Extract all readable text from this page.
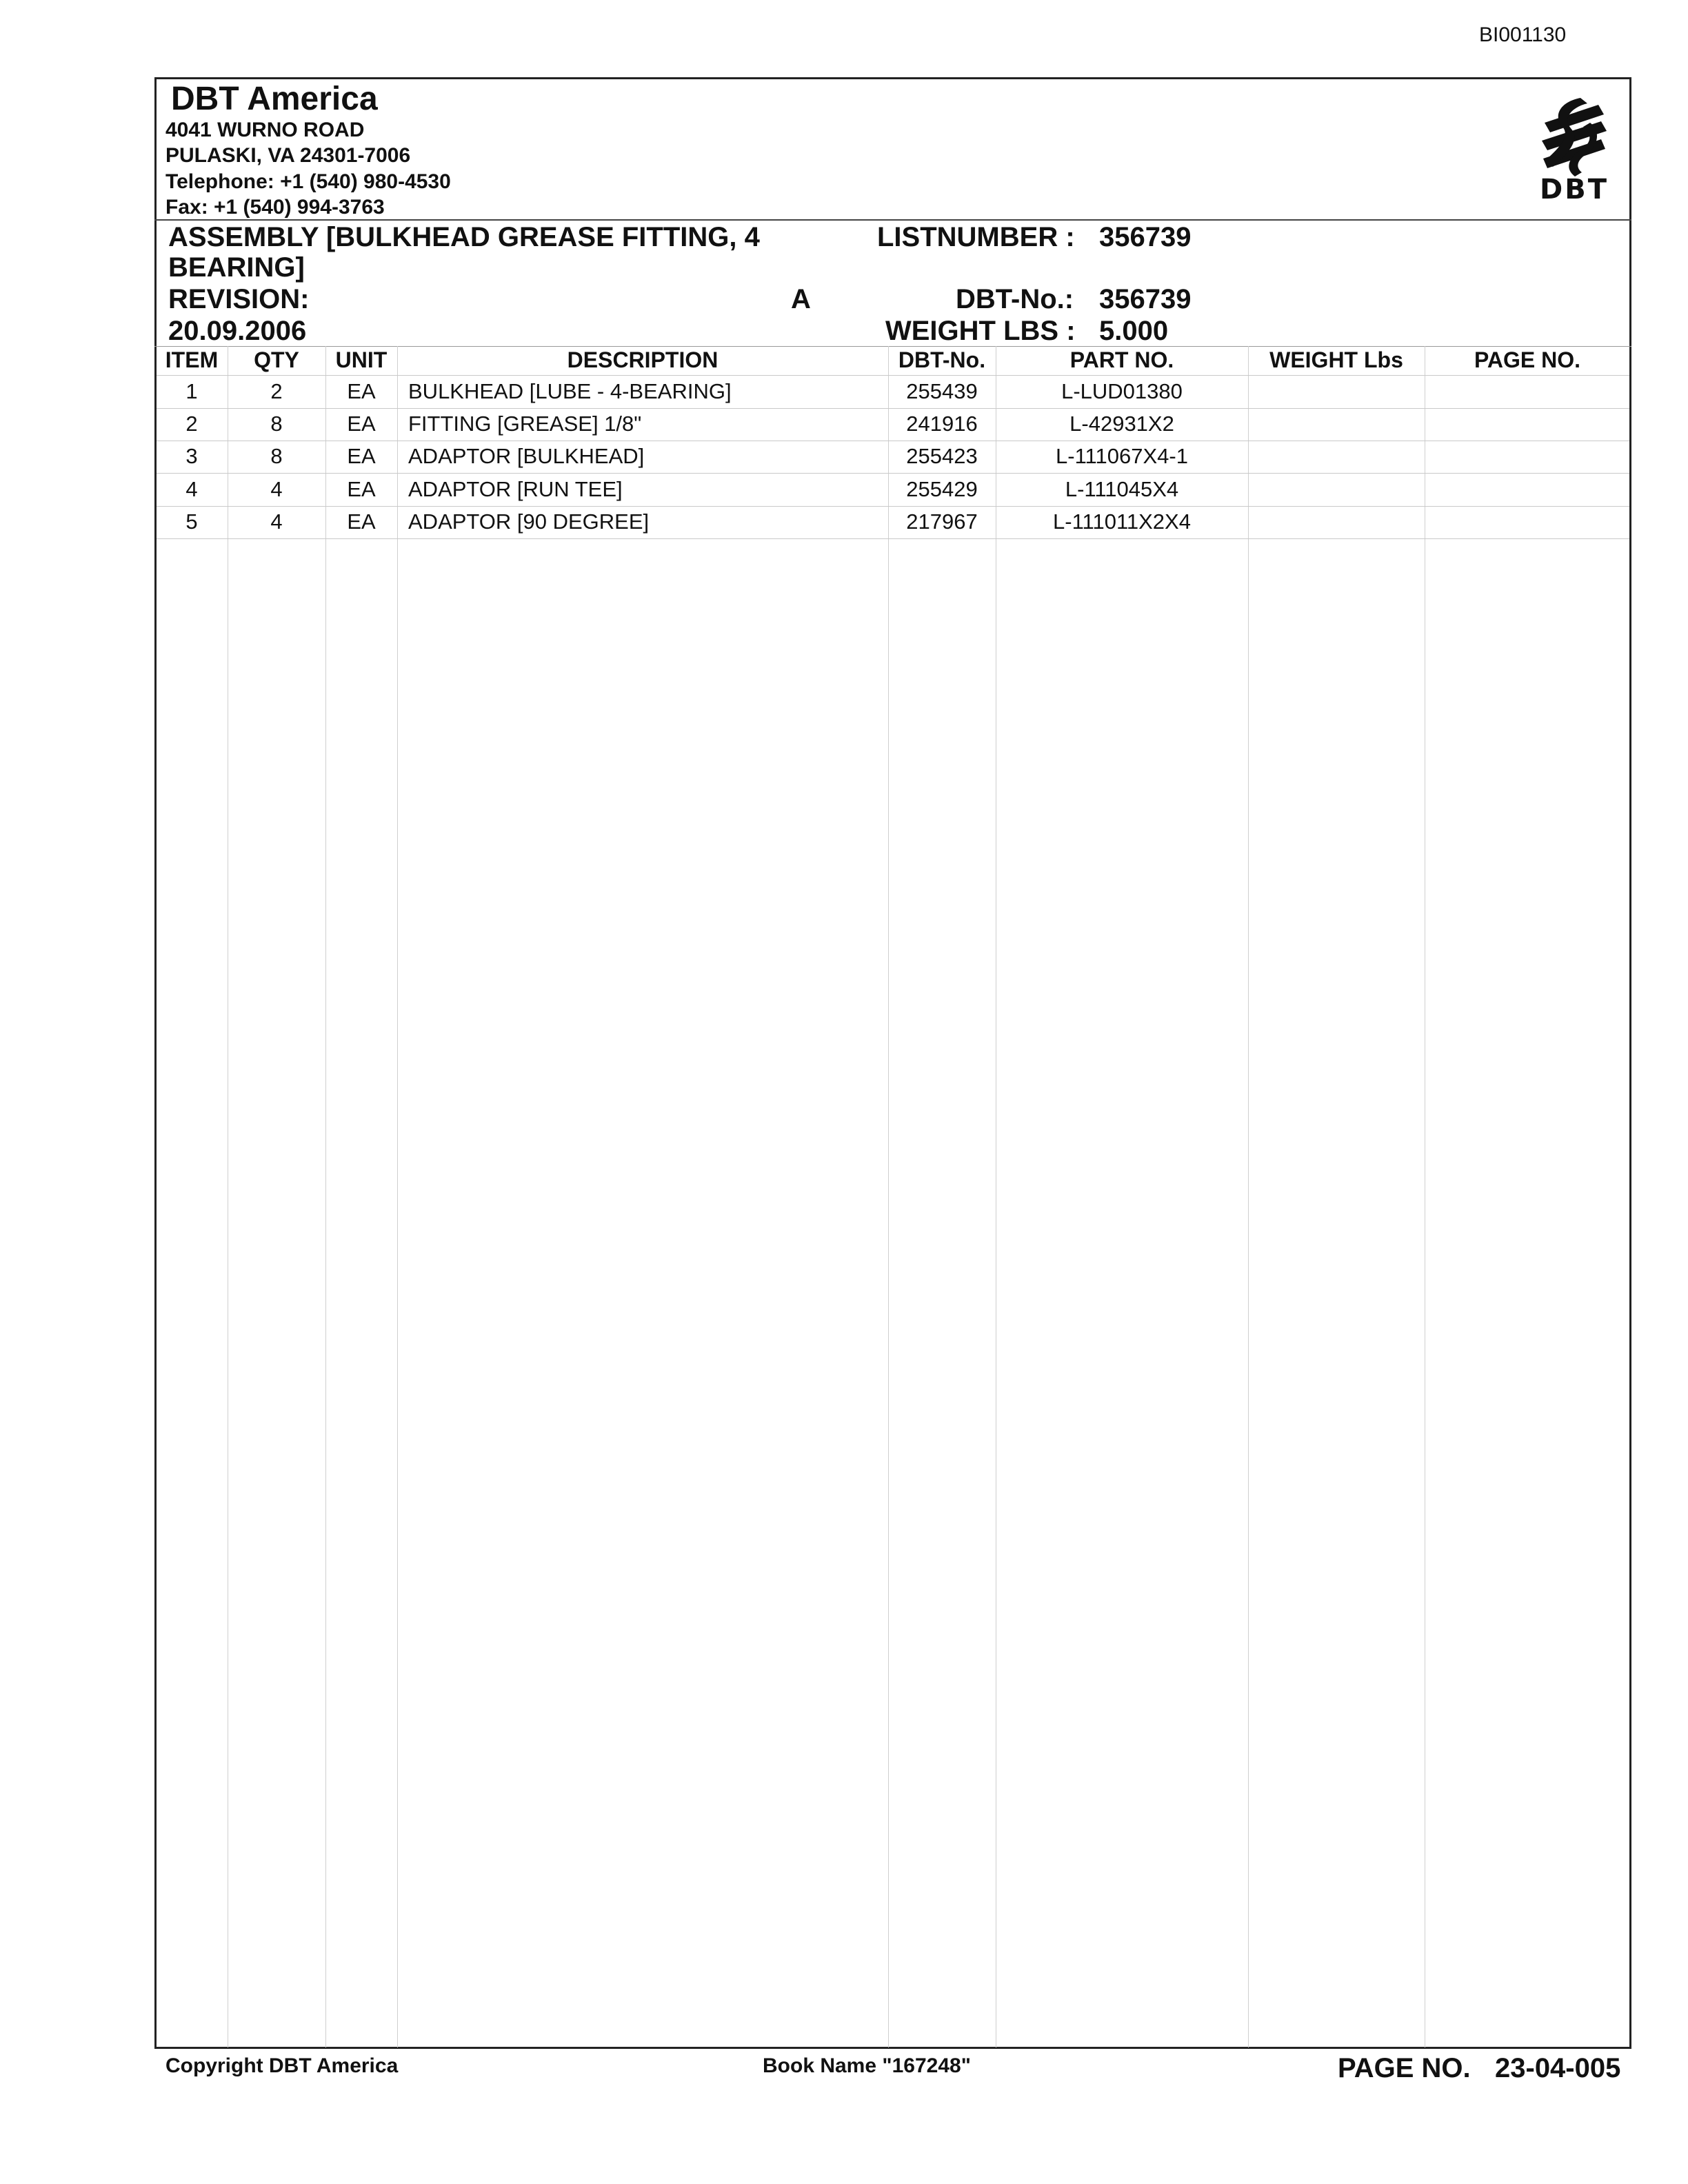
BI001130
DBT America
4041 WURNO ROAD
PULASKI, VA 24301-7006
Telephone: +1 (540) 980-4530
Fax: +1 (540) 994-3763
DBT
ASSEMBLY [BULKHEAD GREASE FITTING, 4
BEARING]
REVISION:	A
20.09.2006
LISTNUMBER : 356739
DBT-No.: 356739
WEIGHT LBS : 5.000
ITEM	QTY	UNIT	DESCRIPTION	DBT-No.	PART NO.	WEIGHT Lbs	PAGE NO.
1	2	EA	BULKHEAD [LUBE - 4-BEARING]	255439	L-LUD01380
2	8	EA	FITTING [GREASE] 1/8"	241916	L-42931X2
3	8	EA	ADAPTOR [BULKHEAD]	255423	L-111067X4-1
4	4	EA	ADAPTOR [RUN TEE]	255429	L-111045X4
5	4	EA	ADAPTOR [90 DEGREE]	217967	L-111011X2X4
Copyright DBT America	Book Name "167248"	PAGE NO. 23-04-005
